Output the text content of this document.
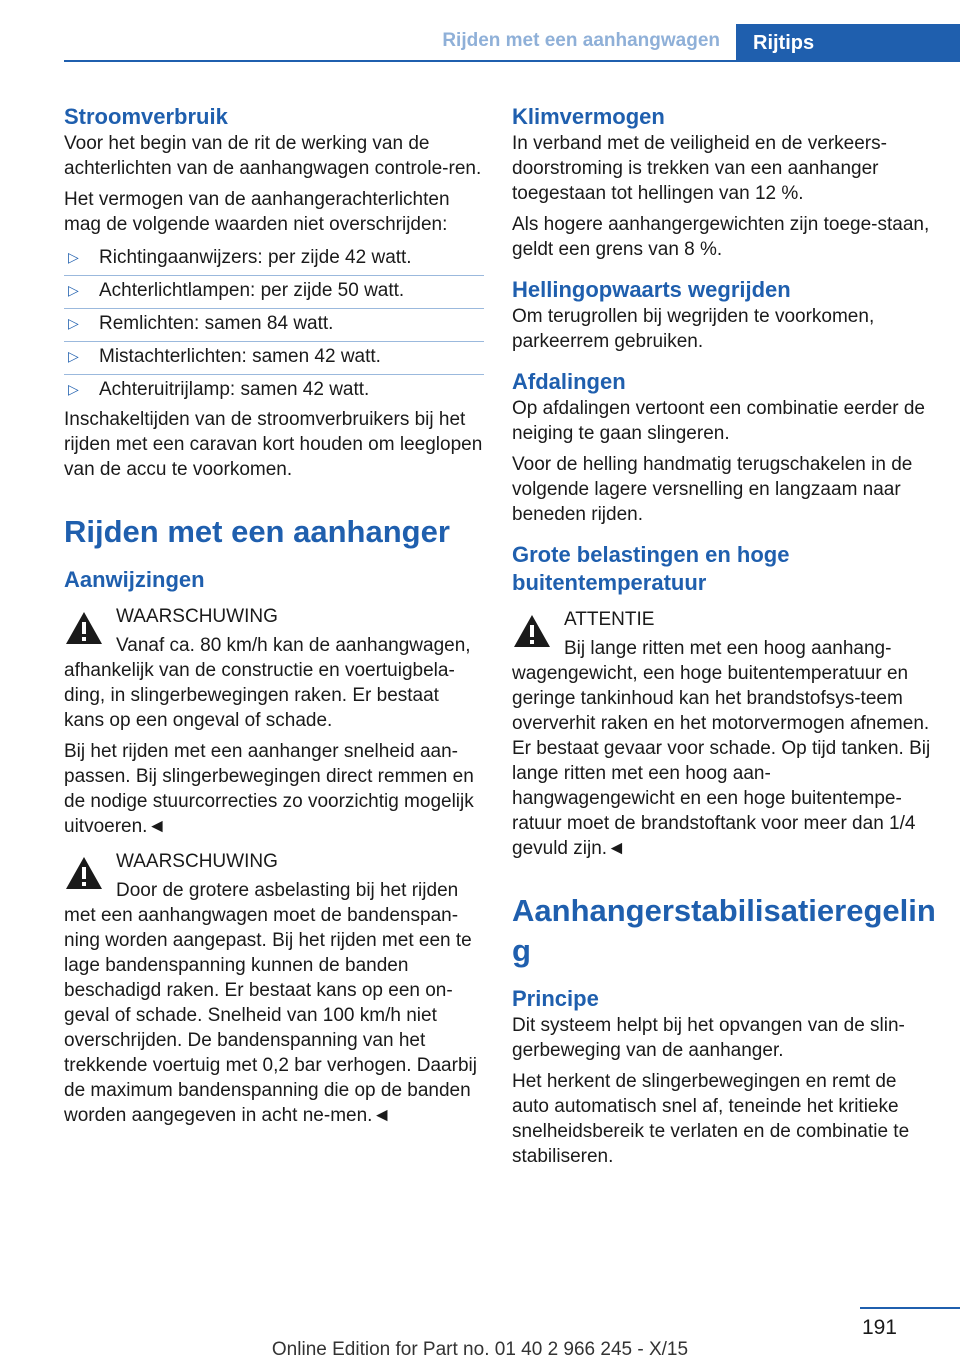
Rijden met een aanhangwagen	Rijtips
Stroomverbruik

Voor het begin van de rit de werking van de achterlichten van de aanhangwagen controle-ren.

Het vermogen van de aanhangerachterlichten mag de volgende waarden niet overschrijden:

▷ Richtingaanwijzers: per zijde 42 watt.
▷ Achterlichtlampen: per zijde 50 watt.
▷ Remlichten: samen 84 watt.
▷ Mistachterlichten: samen 42 watt.
▷ Achteruitrijlamp: samen 42 watt.

Inschakeltijden van de stroomverbruikers bij het rijden met een caravan kort houden om leeglopen van de accu te voorkomen.

Rijden met een aanhanger
Aanwijzingen

WAARSCHUWING

Vanaf ca. 80 km/h kan de aanhangwagen, afhankelijk van de constructie en voertuigbela-ding, in slingerbewegingen raken. Er bestaat kans op een ongeval of schade.

Bij het rijden met een aanhanger snelheid aan-passen. Bij slingerbewegingen direct remmen en de nodige stuurcorrecties zo voorzichtig mogelijk uitvoeren.◄

WAARSCHUWING

Door de grotere asbelasting bij het rijden met een aanhangwagen moet de bandenspan-ning worden aangepast. Bij het rijden met een te lage bandenspanning kunnen de banden beschadigd raken. Er bestaat kans op een on-geval of schade. Snelheid van 100 km/h niet overschrijden. De bandenspanning van het trekkende voertuig met 0,2 bar verhogen. Daarbij de maximum bandenspanning die op de banden worden aangegeven in acht ne-men.◄

Klimvermogen

In verband met de veiligheid en de verkeers-doorstroming is trekken van een aanhanger toegestaan tot hellingen van 12 %.

Als hogere aanhangergewichten zijn toege-staan, geldt een grens van 8 %.

Hellingopwaarts wegrijden

Om terugrollen bij wegrijden te voorkomen, parkeerrem gebruiken.

Afdalingen

Op afdalingen vertoont een combinatie eerder de neiging te gaan slingeren.

Voor de helling handmatig terugschakelen in de volgende lagere versnelling en langzaam naar beneden rijden.

Grote belastingen en hoge buitentemperatuur

ATTENTIE

Bij lange ritten met een hoog aanhang-wagengewicht, een hoge buitentemperatuur en geringe tankinhoud kan het brandstofsys-teem oververhit raken en het motorvermogen afnemen. Er bestaat gevaar voor schade. Op tijd tanken. Bij lange ritten met een hoog aan-hangwagengewicht en een hoge buitentempe-ratuur moet de brandstoftank voor meer dan 1/4 gevuld zijn.◄

Aanhangerstabilisatieregelin g
Principe

Dit systeem helpt bij het opvangen van de slin-gerbeweging van de aanhanger.

Het herkent de slingerbewegingen en remt de auto automatisch snel af, teneinde het kritieke snelheidsbereik te verlaten en de combinatie te stabiliseren.

191
Online Edition for Part no. 01 40 2 966 245 - X/15
